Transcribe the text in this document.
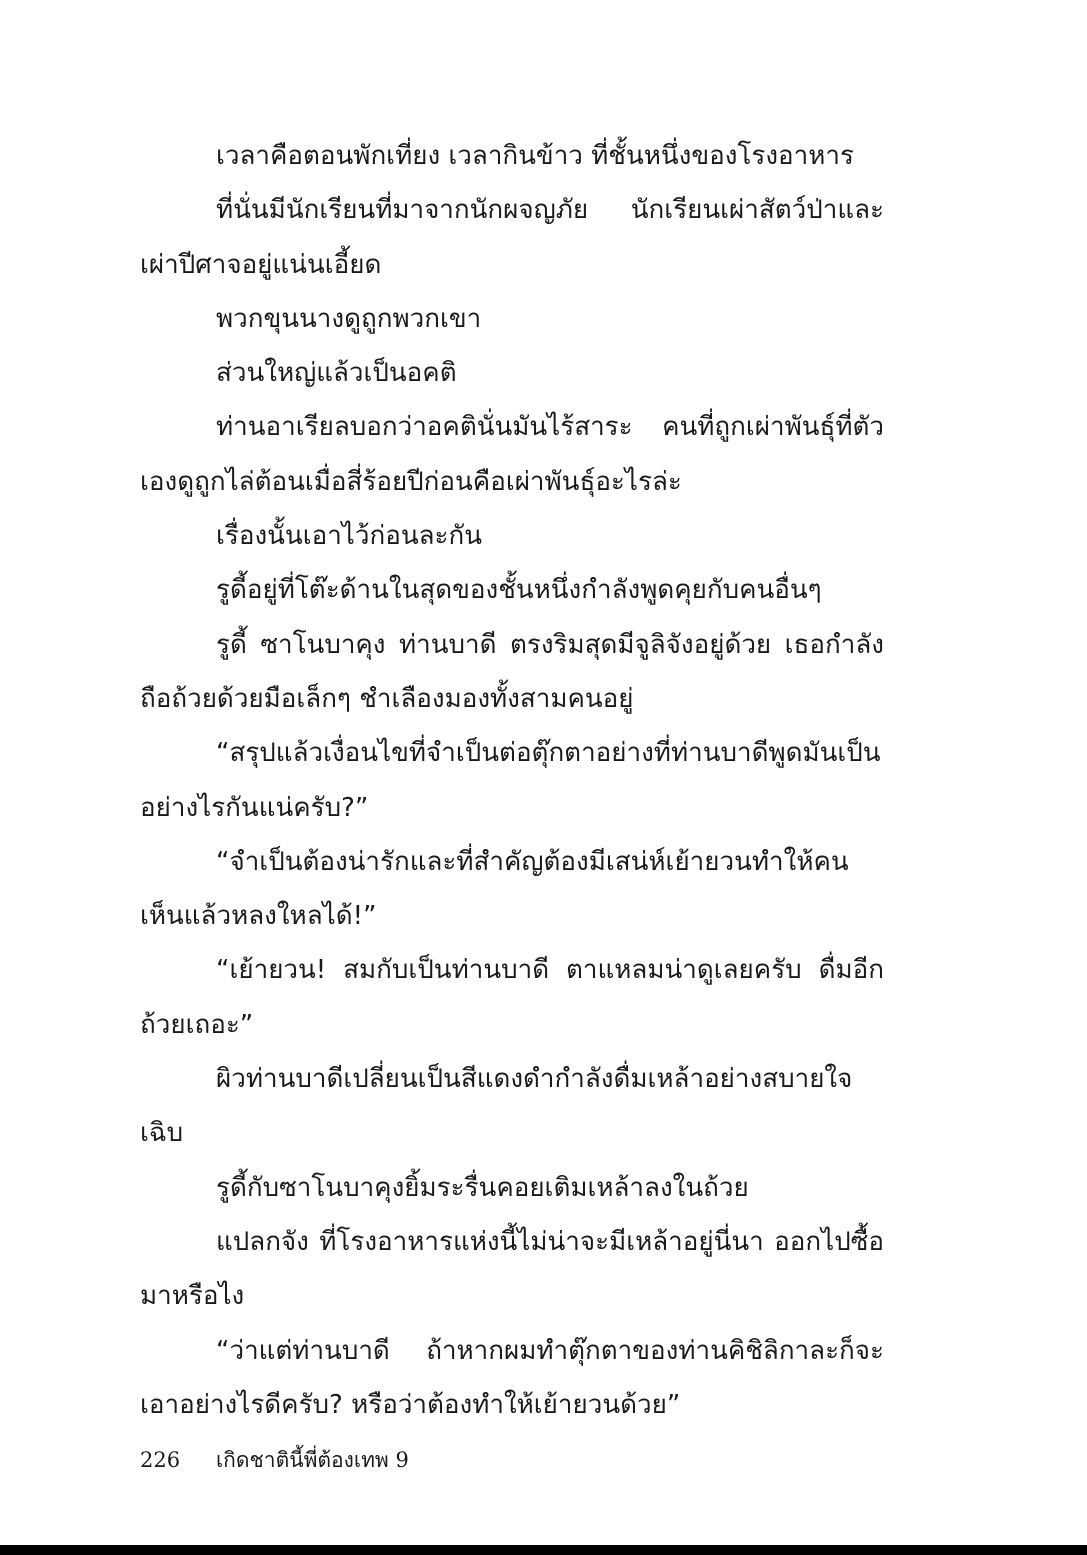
เวลาคือตอนพักเที่ยง เวลากินข้าว ที่ชั้นหนึ่งของโรงอาหาร

ที่นั่นมีนักเรียนที่มาจากนักผจญภัย นักเรียนเผ่าสัตว์ป่าและเผ่าปีศาจอยู่แน่นเอี้ยด

พวกขุนนางดูถูกพวกเขา

ส่วนใหญ่แล้วเป็นอคติ

ท่านอาเรียลบอกว่าอคตินั่นมันไร้สาระ คนที่ถูกเผ่าพันธุ์ที่ตัวเองดูถูกไล่ต้อนเมื่อสี่ร้อยปีก่อนคือเผ่าพันธุ์อะไรล่ะ

เรื่องนั้นเอาไว้ก่อนละกัน

รูดี้อยู่ที่โต๊ะด้านในสุดของชั้นหนึ่งกำลังพูดคุยกับคนอื่นๆ

รูดี้ ซาโนบาคุง ท่านบาดี ตรงริมสุดมีจูลิจังอยู่ด้วย เธอกำลังถือถ้วยด้วยมือเล็กๆ ชำเลืองมองทั้งสามคนอยู่

“สรุปแล้วเงื่อนไขที่จำเป็นต่อตุ๊กตาอย่างที่ท่านบาดีพูดมันเป็นอย่างไรกันแน่ครับ?”

“จำเป็นต้องน่ารักและที่สำคัญต้องมีเสน่ห์เย้ายวนทำให้คนเห็นแล้วหลงใหลได้!”

“เย้ายวน! สมกับเป็นท่านบาดี ตาแหลมน่าดูเลยครับ ดื่มอีกถ้วยเถอะ”

ผิวท่านบาดีเปลี่ยนเป็นสีแดงดำกำลังดื่มเหล้าอย่างสบายใจเฉิบ

รูดี้กับซาโนบาคุงยิ้มระรื่นคอยเติมเหล้าลงในถ้วย

แปลกจัง ที่โรงอาหารแห่งนี้ไม่น่าจะมีเหล้าอยู่นี่นา ออกไปซื้อมาหรือไง

“ว่าแต่ท่านบาดี ถ้าหากผมทำตุ๊กตาของท่านคิชิลิกาละก็จะเอาอย่างไรดีครับ? หรือว่าต้องทำให้เย้ายวนด้วย”

226 เกิดชาตินี้พี่ต้องเทพ 9
